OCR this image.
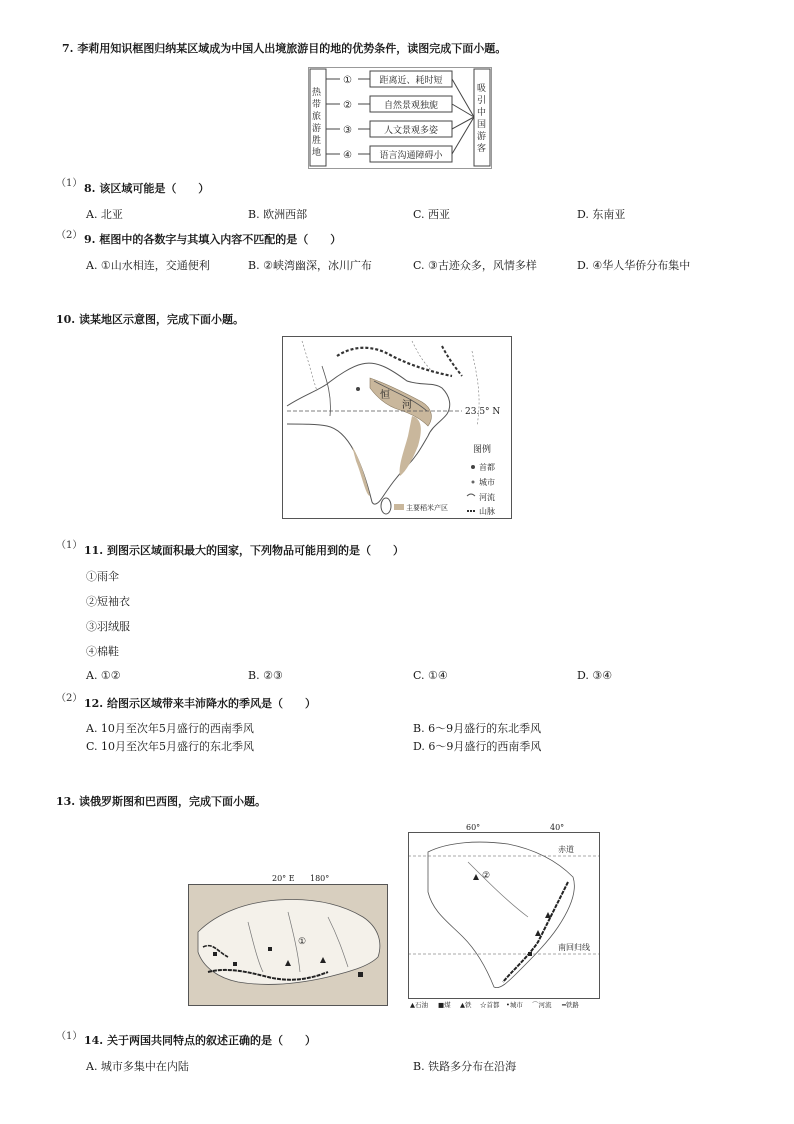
7. 李莉用知识框图归纳某区域成为中国人出境旅游目的地的优势条件，读图完成下面小题。
热
带
旅
游
胜
地
吸
引
中
国
游
客
①
②
③
④
距离近、耗时短
自然景观独旎
人文景观多姿
语言沟通障碍小
（1） 8. 该区域可能是（　　）
A. 北亚	B. 欧洲西部	C. 西亚	D. 东南亚
（2） 9. 框图中的各数字与其填入内容不匹配的是（　　）
A. ①山水相连，交通便利	B. ②峡湾幽深，冰川广布	C. ③古迹众多，风情多样	D. ④华人华侨分布集中
10. 读某地区示意图，完成下面小题。
23.5° N
恒
河
图例
首都
城市
河流
山脉
主要稻米产区
（1） 11. 到图示区域面积最大的国家，下列物品可能用到的是（　　）
①雨伞
②短袖衣
③羽绒服
④棉鞋
A. ①②	B. ②③	C. ①④	D. ③④
（2） 12. 给图示区域带来丰沛降水的季风是（　　）
A. 10月至次年5月盛行的西南季风	B. 6～9月盛行的东北季风
C. 10月至次年5月盛行的东北季风	D. 6～9月盛行的西南季风
13. 读俄罗斯图和巴西图，完成下面小题。
20° E 180°
①
60°	40°
赤道
南回归线
②
▲石油 ■煤 ▲铁 ☆首都 •城市 ⌒河流 ━铁路
（1） 14. 关于两国共同特点的叙述正确的是（　　）
A. 城市多集中在内陆	B. 铁路多分布在沿海
